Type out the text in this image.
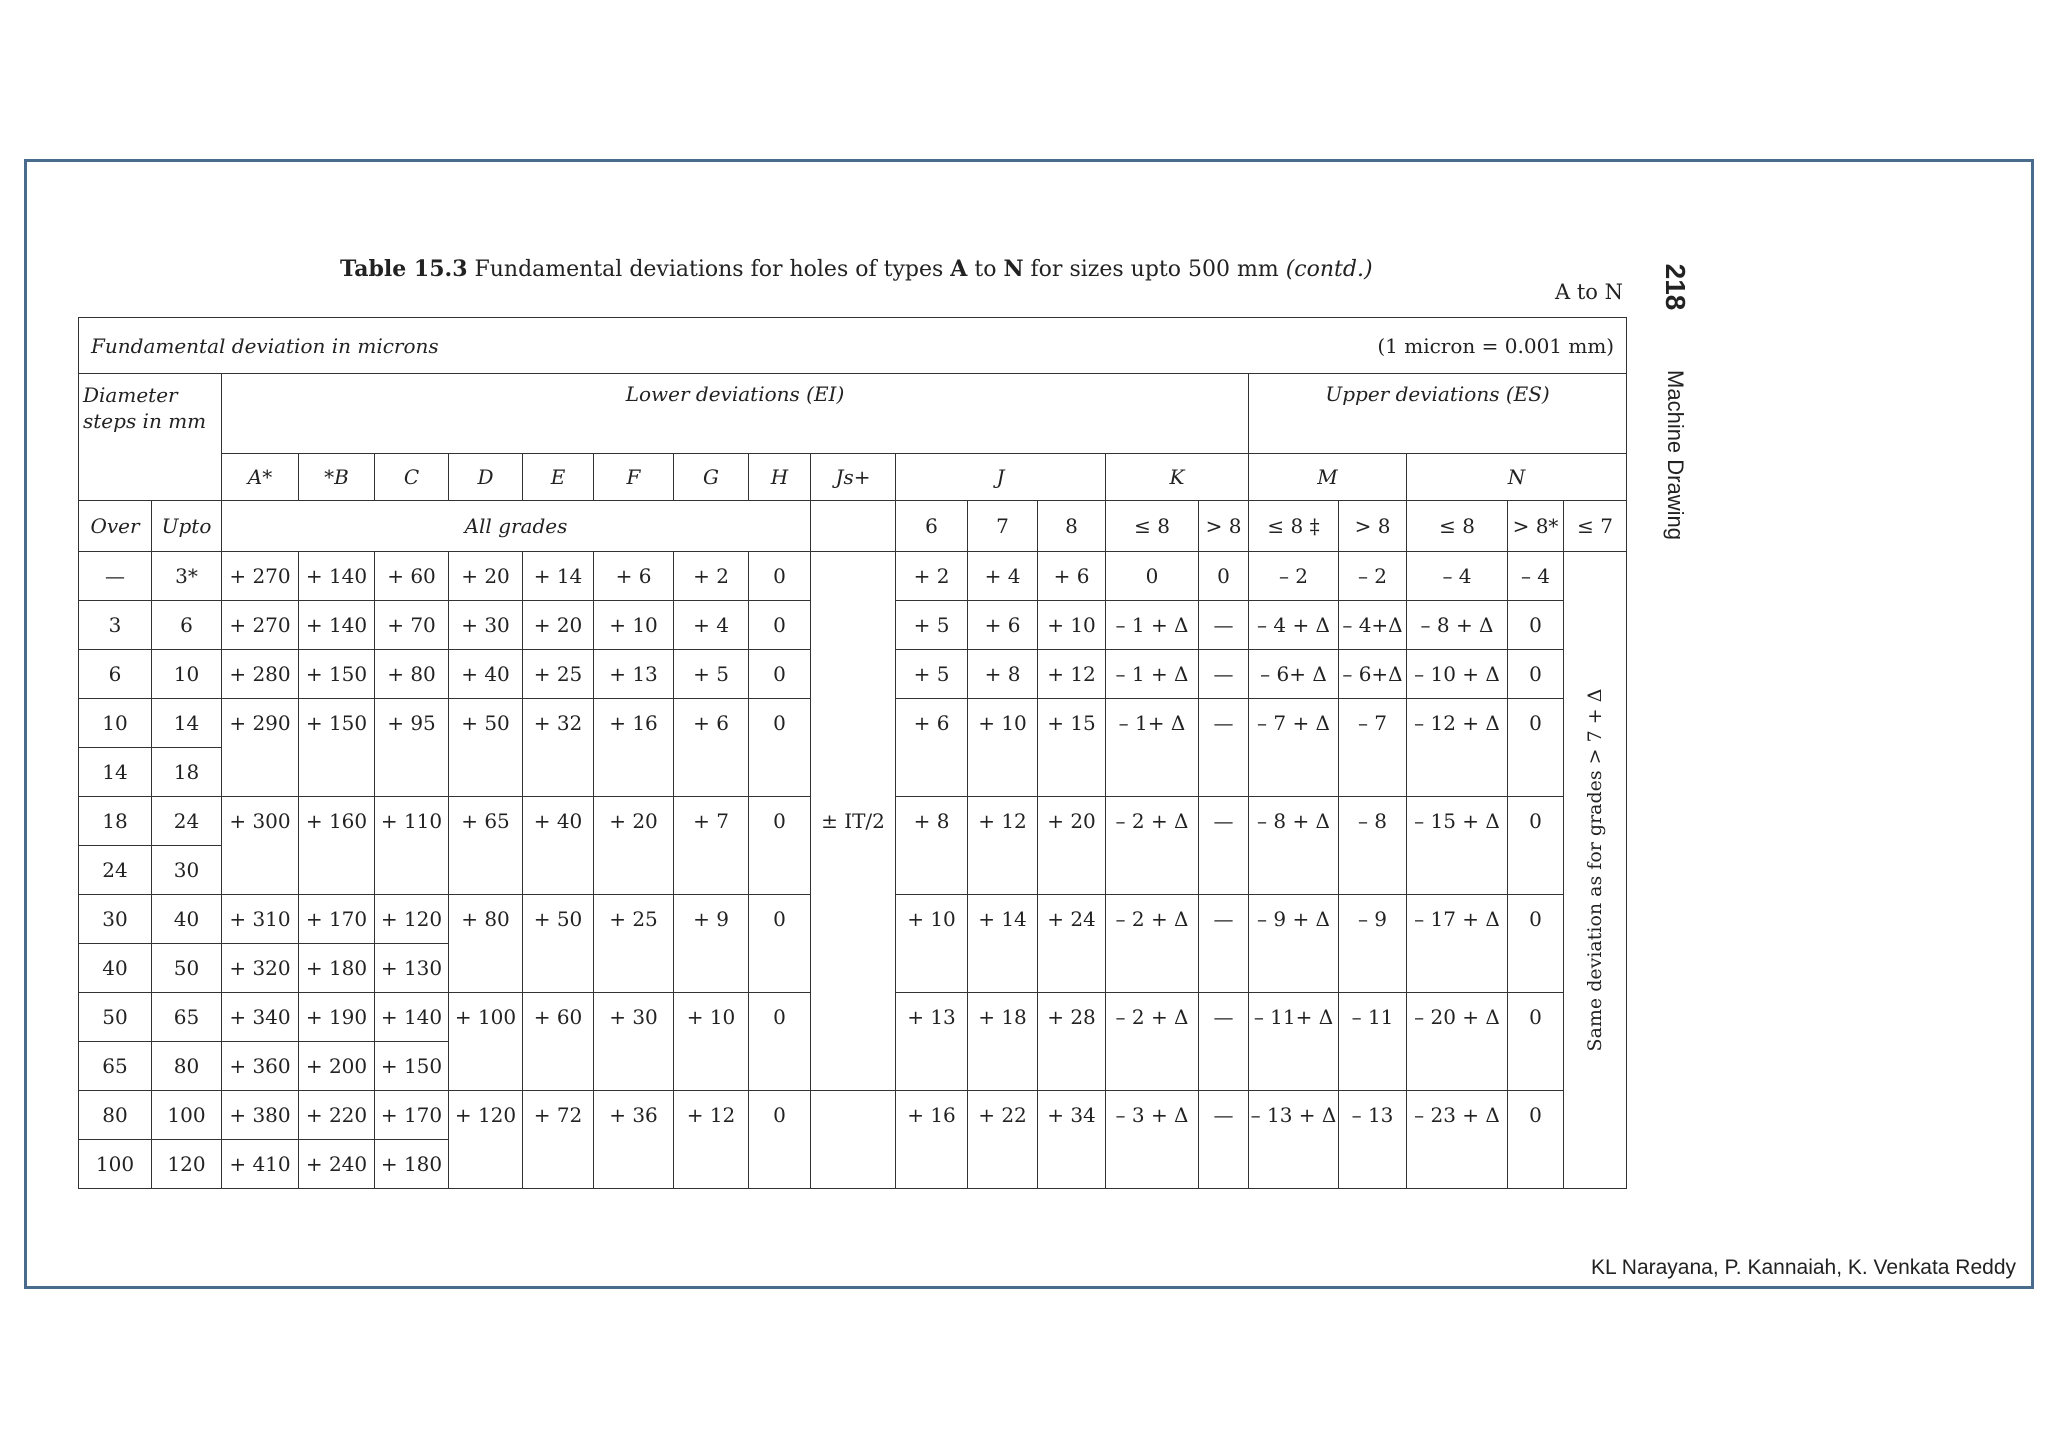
Table 15.3 Fundamental deviations for holes of types A to N for sizes upto 500 mm (contd.)
A to N 218
Machine Drawing
KL Narayana, P. Kannaiah, K. Venkata Reddy
Fundamental deviation in microns (1 micron = 0.001 mm)																				

Diameter steps in mm		Lower deviations (EI)														Upper deviations (ES)				
		A*	*B	C	D	E	F	G	H	Js+	J			K		M		N		
Over	Upto	All grades									6	7	8	≤ 8	> 8	≤ 8 ‡	> 8	≤ 8	> 8*	≤ 7
—	3*	+ 270	+ 140	+ 60	+ 20	+ 14	+ 6	+ 2	0	± IT/2	+ 2	+ 4	+ 6	0	0	– 2	– 2	– 4	– 4	Same deviation as for grades > 7 + Δ

3	6	+ 270	+ 140	+ 70	+ 30	+ 20	+ 10	+ 4	0		+ 5	+ 6	+ 10	– 1 + Δ	—	– 4 + Δ	– 4+Δ	– 8 + Δ	0	
6	10	+ 280	+ 150	+ 80	+ 40	+ 25	+ 13	+ 5	0		+ 5	+ 8	+ 12	– 1 + Δ	—	– 6+ Δ	– 6+Δ	– 10 + Δ	0	
10	14	+ 290	+ 150	+ 95	+ 50	+ 32	+ 16	+ 6	0		+ 6	+ 10	+ 15	– 1+ Δ	—	– 7 + Δ	– 7	– 12 + Δ	0	
14	18																			
18	24	+ 300	+ 160	+ 110	+ 65	+ 40	+ 20	+ 7	0		+ 8	+ 12	+ 20	– 2 + Δ	—	– 8 + Δ	– 8	– 15 + Δ	0	
24	30																			
30	40	+ 310	+ 170	+ 120	+ 80	+ 50	+ 25	+ 9	0		+ 10	+ 14	+ 24	– 2 + Δ	—	– 9 + Δ	– 9	– 17 + Δ	0	
40	50	+ 320	+ 180	+ 130																
50	65	+ 340	+ 190	+ 140	+ 100	+ 60	+ 30	+ 10	0		+ 13	+ 18	+ 28	– 2 + Δ	—	– 11+ Δ	– 11	– 20 + Δ	0	
65	80	+ 360	+ 200	+ 150																
80	100	+ 380	+ 220	+ 170	+ 120	+ 72	+ 36	+ 12	0		+ 16	+ 22	+ 34	– 3 + Δ	—	– 13 + Δ	– 13	– 23 + Δ	0	
100	120	+ 410	+ 240	+ 180																
